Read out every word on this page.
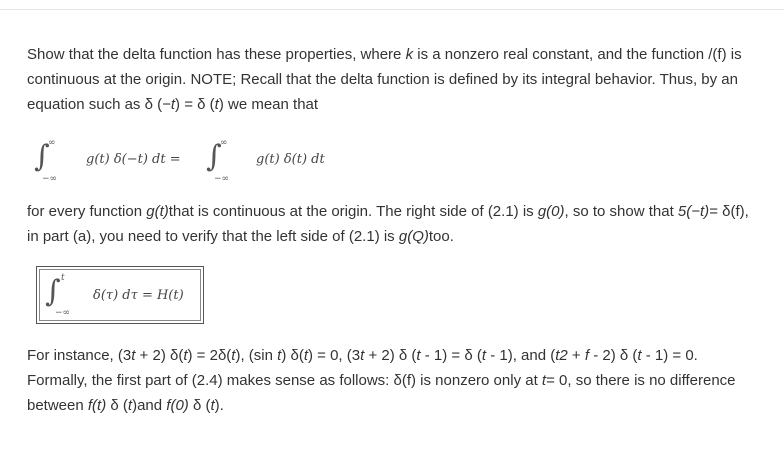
Show that the delta function has these properties, where k is a nonzero real constant, and the function /(f) is continuous at the origin. NOTE; Recall that the delta function is defined by its integral behavior. Thus, by an equation such as δ (−t) = δ (t) we mean that

∫
∞
−∞
g(t) δ(−t) dt = ∫
∞
−∞
g(t) δ(t) dt

for every function g(t)that is continuous at the origin. The right side of (2.1) is g(0), so to show that 5(−t)= δ(f), in part (a), you need to verify that the left side of (2.1) is g(Q)too.

∫ t
−∞
δ(τ) dτ = H(t)

For instance, (3t + 2) δ(t) = 2δ(t), (sin t) δ(t) = 0, (3t + 2) δ (t - 1) = δ (t - 1), and (t2 + f - 2) δ (t - 1) = 0. Formally, the first part of (2.4) makes sense as follows: δ(f) is nonzero only at t= 0, so there is no difference between f(t) δ (t)and f(0) δ (t).
